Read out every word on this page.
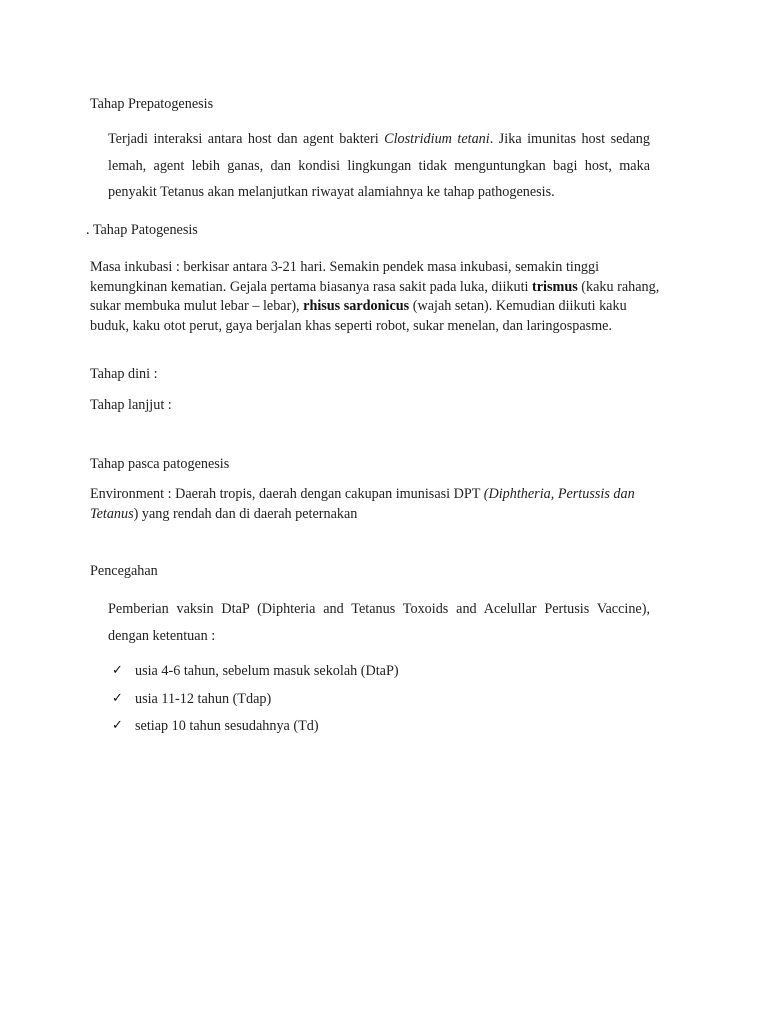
Tahap Prepatogenesis

Terjadi interaksi antara host dan agent bakteri Clostridium tetani. Jika imunitas host sedang lemah, agent lebih ganas, dan kondisi lingkungan tidak menguntungkan bagi host, maka penyakit Tetanus akan melanjutkan riwayat alamiahnya ke tahap pathogenesis.

. Tahap Patogenesis

Masa inkubasi : berkisar antara 3-21 hari. Semakin pendek masa inkubasi, semakin tinggi kemungkinan kematian. Gejala pertama biasanya rasa sakit pada luka, diikuti trismus (kaku rahang, sukar membuka mulut lebar – lebar), rhisus sardonicus (wajah setan). Kemudian diikuti kaku buduk, kaku otot perut, gaya berjalan khas seperti robot, sukar menelan, dan laringospasme.

Tahap dini :

Tahap lanjjut :

Tahap pasca patogenesis

Environment : Daerah tropis, daerah dengan cakupan imunisasi DPT (Diphtheria, Pertussis dan Tetanus) yang rendah dan di daerah peternakan

Pencegahan

Pemberian vaksin DtaP (Diphteria and Tetanus Toxoids and Acelullar Pertusis Vaccine), dengan ketentuan :

✓ usia 4-6 tahun, sebelum masuk sekolah (DtaP)
✓ usia 11-12 tahun (Tdap)
✓ setiap 10 tahun sesudahnya (Td)
